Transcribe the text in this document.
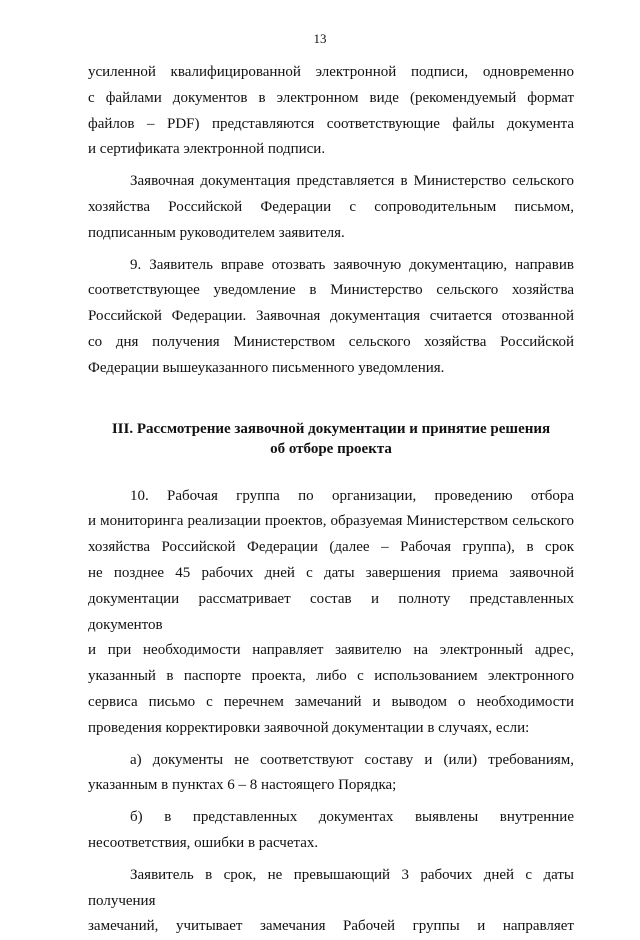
13
усиленной квалифицированной электронной подписи, одновременно
с файлами документов в электронном виде (рекомендуемый формат
файлов – PDF) представляются соответствующие файлы документа
и сертификата электронной подписи.
Заявочная документация представляется в Министерство сельского
хозяйства Российской Федерации с сопроводительным письмом,
подписанным руководителем заявителя.
9. Заявитель вправе отозвать заявочную документацию, направив
соответствующее уведомление в Министерство сельского хозяйства
Российской Федерации. Заявочная документация считается отозванной
со дня получения Министерством сельского хозяйства Российской
Федерации вышеуказанного письменного уведомления.
III. Рассмотрение заявочной документации и принятие решения
об отборе проекта
10. Рабочая группа по организации, проведению отбора
и мониторинга реализации проектов, образуемая Министерством сельского
хозяйства Российской Федерации (далее – Рабочая группа), в срок
не позднее 45 рабочих дней с даты завершения приема заявочной
документации рассматривает состав и полноту представленных документов
и при необходимости направляет заявителю на электронный адрес,
указанный в паспорте проекта, либо с использованием электронного
сервиса письмо с перечнем замечаний и выводом о необходимости
проведения корректировки заявочной документации в случаях, если:
а) документы не соответствуют составу и (или) требованиям,
указанным в пунктах 6 – 8 настоящего Порядка;
б) в представленных документах выявлены внутренние
несоответствия, ошибки в расчетах.
Заявитель в срок, не превышающий 3 рабочих дней с даты получения
замечаний, учитывает замечания Рабочей группы и направляет
